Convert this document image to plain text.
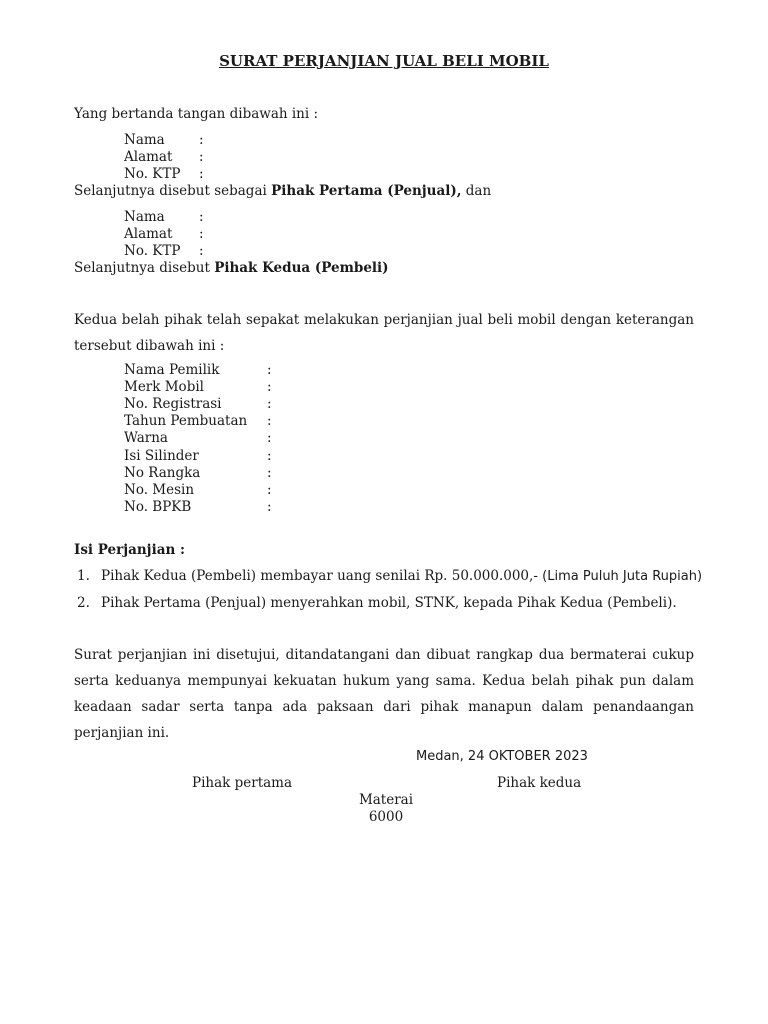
SURAT PERJANJIAN JUAL BELI MOBIL
Yang bertanda tangan dibawah ini :
Nama	:
Alamat :
No. KTP :
Selanjutnya disebut sebagai Pihak Pertama (Penjual), dan
Nama	:
Alamat :
No. KTP :
Selanjutnya disebut Pihak Kedua (Pembeli)
Kedua belah pihak telah sepakat melakukan perjanjian jual beli mobil dengan keterangan tersebut dibawah ini :
Nama Pemilik	:
Merk Mobil	:
No. Registrasi	:
Tahun Pembuatan :
Warna	:
Isi Silinder	:
No Rangka	:
No. Mesin	:
No. BPKB	:
Isi Perjanjian :
1. Pihak Kedua (Pembeli) membayar uang senilai Rp. 50.000.000,- (Lima Puluh Juta Rupiah)
2. Pihak Pertama (Penjual) menyerahkan mobil, STNK, kepada Pihak Kedua (Pembeli).
Surat perjanjian ini disetujui, ditandatangani dan dibuat rangkap dua bermaterai cukup serta keduanya mempunyai kekuatan hukum yang sama. Kedua belah pihak pun dalam keadaan sadar serta tanpa ada paksaan dari pihak manapun dalam penandaangan perjanjian ini.
Medan, 24 OKTOBER 2023
Pihak pertama	Pihak kedua
Materai
6000
